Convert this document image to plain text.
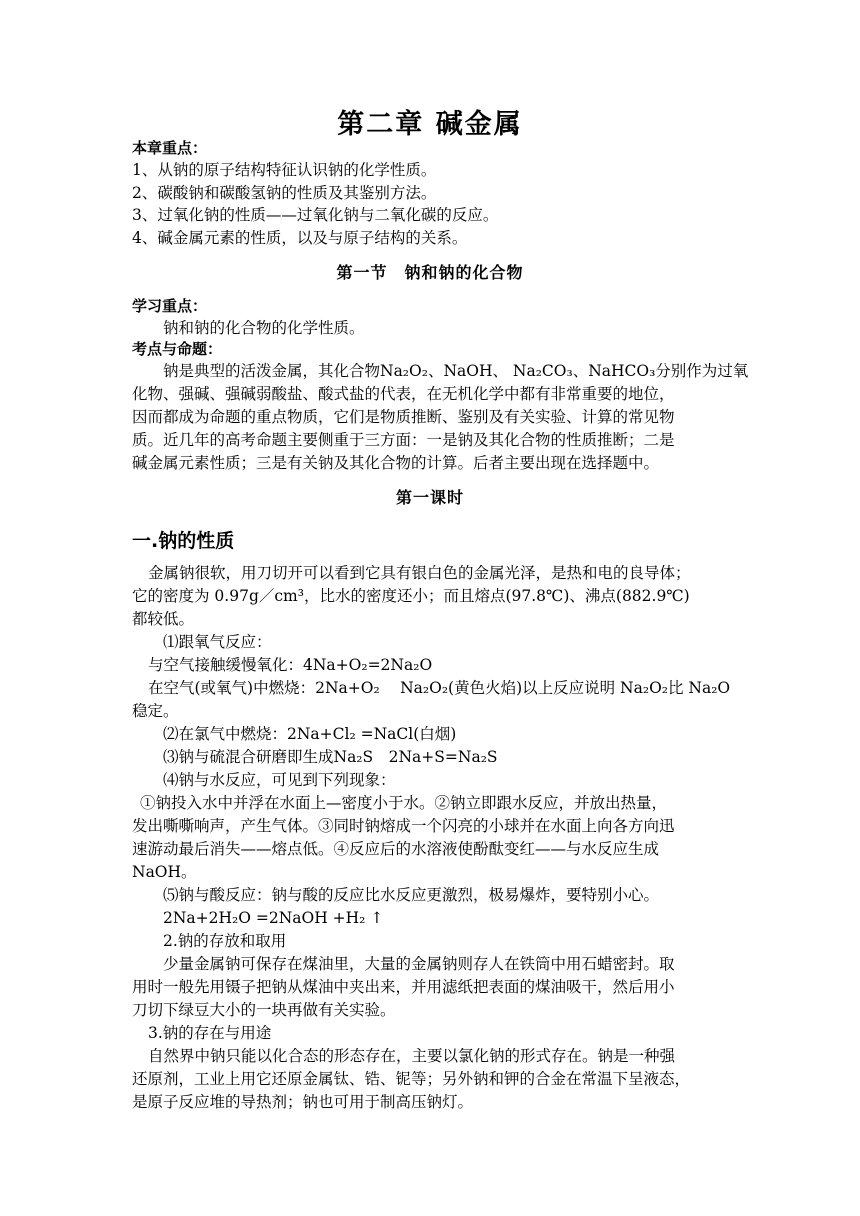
第二章 碱金属
本章重点：
1、从钠的原子结构特征认识钠的化学性质。
2、碳酸钠和碳酸氢钠的性质及其鉴别方法。
3、过氧化钠的性质——过氧化钠与二氧化碳的反应。
4、碱金属元素的性质，以及与原子结构的关系。
第一节　钠和钠的化合物
学习重点：
钠和钠的化合物的化学性质。
考点与命题：
钠是典型的活泼金属，其化合物Na₂O₂、NaOH、 Na₂CO₃、NaHCO₃分别作为过氧
化物、强碱、强碱弱酸盐、酸式盐的代表，在无机化学中都有非常重要的地位，
因而都成为命题的重点物质，它们是物质推断、鉴别及有关实验、计算的常见物
质。近几年的高考命题主要侧重于三方面：一是钠及其化合物的性质推断；二是
碱金属元素性质；三是有关钠及其化合物的计算。后者主要出现在选择题中。
第一课时
一.钠的性质
金属钠很软，用刀切开可以看到它具有银白色的金属光泽，是热和电的良导体；
它的密度为 0.97g／cm³，比水的密度还小；而且熔点(97.8℃)、沸点(882.9℃)
都较低。
⑴跟氧气反应：
与空气接触缓慢氧化：4Na+O₂=2Na₂O
在空气(或氧气)中燃烧：2Na+O₂　 Na₂O₂(黄色火焰)以上反应说明 Na₂O₂比 Na₂O
稳定。
⑵在氯气中燃烧：2Na+Cl₂ =NaCl(白烟)
⑶钠与硫混合研磨即生成Na₂S　2Na+S=Na₂S
⑷钠与水反应，可见到下列现象：
①钠投入水中并浮在水面上—密度小于水。②钠立即跟水反应，并放出热量，
发出嘶嘶响声，产生气体。③同时钠熔成一个闪亮的小球并在水面上向各方向迅
速游动最后消失——熔点低。④反应后的水溶液使酚酞变红——与水反应生成
NaOH。
⑸钠与酸反应：钠与酸的反应比水反应更激烈，极易爆炸，要特别小心。
2Na+2H₂O =2NaOH +H₂ ↑
2.钠的存放和取用
少量金属钠可保存在煤油里，大量的金属钠则存人在铁筒中用石蜡密封。取
用时一般先用镊子把钠从煤油中夹出来，并用滤纸把表面的煤油吸干，然后用小
刀切下绿豆大小的一块再做有关实验。
3.钠的存在与用途
自然界中钠只能以化合态的形态存在，主要以氯化钠的形式存在。钠是一种强
还原剂，工业上用它还原金属钛、锆、铌等；另外钠和钾的合金在常温下呈液态，
是原子反应堆的导热剂；钠也可用于制高压钠灯。
